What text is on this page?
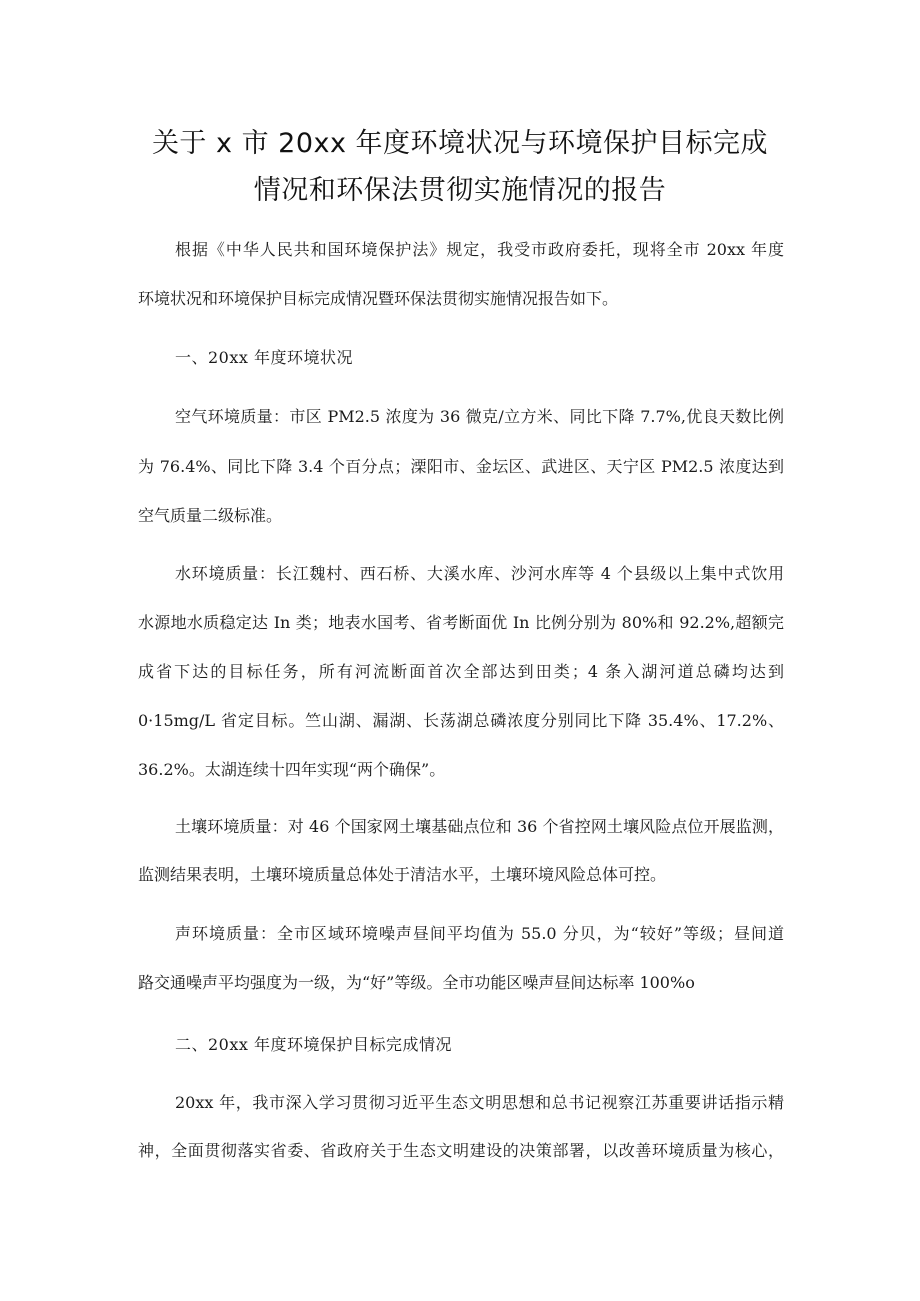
关于 x 市 20xx 年度环境状况与环境保护目标完成
情况和环保法贯彻实施情况的报告
根据《中华人民共和国环境保护法》规定，我受市政府委托，现将全市 20xx 年度
环境状况和环境保护目标完成情况暨环保法贯彻实施情况报告如下。
一、20xx 年度环境状况
空气环境质量：市区 PM2.5 浓度为 36 微克/立方米、同比下降 7.7%,优良天数比例
为 76.4%、同比下降 3.4 个百分点；溧阳市、金坛区、武进区、天宁区 PM2.5 浓度达到
空气质量二级标准。
水环境质量：长江魏村、西石桥、大溪水库、沙河水库等 4 个县级以上集中式饮用
水源地水质稳定达 In 类；地表水国考、省考断面优 In 比例分别为 80%和 92.2%,超额完
成省下达的目标任务，所有河流断面首次全部达到田类；4 条入湖河道总磷均达到
0·15mg/L 省定目标。竺山湖、漏湖、长荡湖总磷浓度分别同比下降 35.4%、17.2%、
36.2%。太湖连续十四年实现“两个确保”。
土壤环境质量：对 46 个国家网土壤基础点位和 36 个省控网土壤风险点位开展监测，
监测结果表明，土壤环境质量总体处于清洁水平，土壤环境风险总体可控。
声环境质量：全市区域环境噪声昼间平均值为 55.0 分贝，为“较好”等级；昼间道
路交通噪声平均强度为一级，为“好”等级。全市功能区噪声昼间达标率 100%o
二、20xx 年度环境保护目标完成情况
20xx 年，我市深入学习贯彻习近平生态文明思想和总书记视察江苏重要讲话指示精
神，全面贯彻落实省委、省政府关于生态文明建设的决策部署，以改善环境质量为核心，
